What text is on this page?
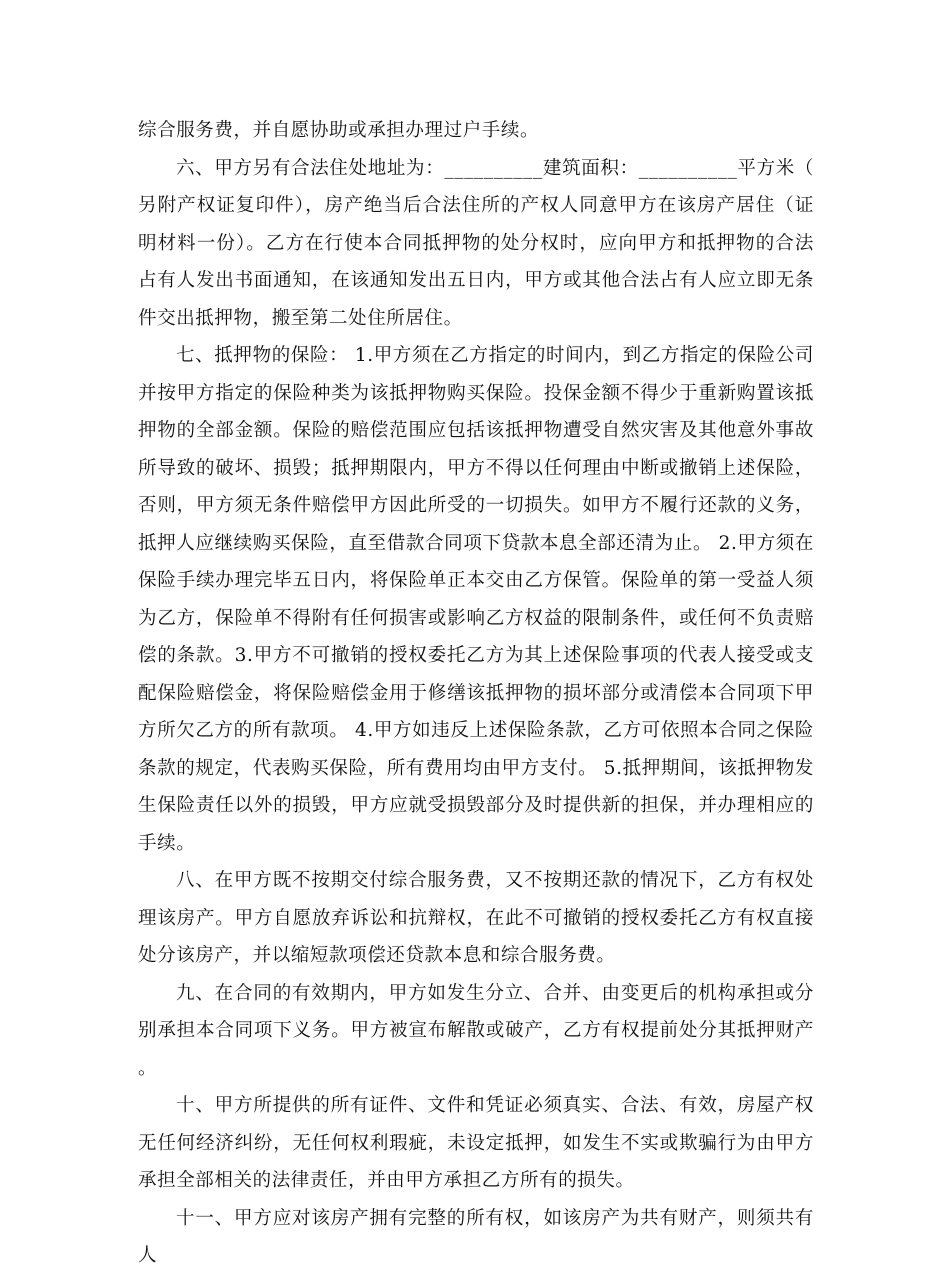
综合服务费，并自愿协助或承担办理过户手续。

六、甲方另有合法住处地址为：__________建筑面积：__________平方米（另附产权证复印件），房产绝当后合法住所的产权人同意甲方在该房产居住（证明材料一份）。乙方在行使本合同抵押物的处分权时，应向甲方和抵押物的合法占有人发出书面通知，在该通知发出五日内，甲方或其他合法占有人应立即无条件交出抵押物，搬至第二处住所居住。

七、抵押物的保险： 1.甲方须在乙方指定的时间内，到乙方指定的保险公司并按甲方指定的保险种类为该抵押物购买保险。投保金额不得少于重新购置该抵押物的全部金额。保险的赔偿范围应包括该抵押物遭受自然灾害及其他意外事故所导致的破坏、损毁；抵押期限内，甲方不得以任何理由中断或撤销上述保险，否则，甲方须无条件赔偿甲方因此所受的一切损失。如甲方不履行还款的义务，抵押人应继续购买保险，直至借款合同项下贷款本息全部还清为止。 2.甲方须在保险手续办理完毕五日内，将保险单正本交由乙方保管。保险单的第一受益人须为乙方，保险单不得附有任何损害或影响乙方权益的限制条件，或任何不负责赔偿的条款。3.甲方不可撤销的授权委托乙方为其上述保险事项的代表人接受或支配保险赔偿金，将保险赔偿金用于修缮该抵押物的损坏部分或清偿本合同项下甲方所欠乙方的所有款项。 4.甲方如违反上述保险条款，乙方可依照本合同之保险条款的规定，代表购买保险，所有费用均由甲方支付。 5.抵押期间，该抵押物发生保险责任以外的损毁，甲方应就受损毁部分及时提供新的担保，并办理相应的手续。

八、在甲方既不按期交付综合服务费，又不按期还款的情况下，乙方有权处理该房产。甲方自愿放弃诉讼和抗辩权，在此不可撤销的授权委托乙方有权直接处分该房产，并以缩短款项偿还贷款本息和综合服务费。

九、在合同的有效期内，甲方如发生分立、合并、由变更后的机构承担或分别承担本合同项下义务。甲方被宣布解散或破产，乙方有权提前处分其抵押财产。

十、甲方所提供的所有证件、文件和凭证必须真实、合法、有效，房屋产权无任何经济纠纷，无任何权利瑕疵，未设定抵押，如发生不实或欺骗行为由甲方承担全部相关的法律责任，并由甲方承担乙方所有的损失。

十一、甲方应对该房产拥有完整的所有权，如该房产为共有财产，则须共有人
